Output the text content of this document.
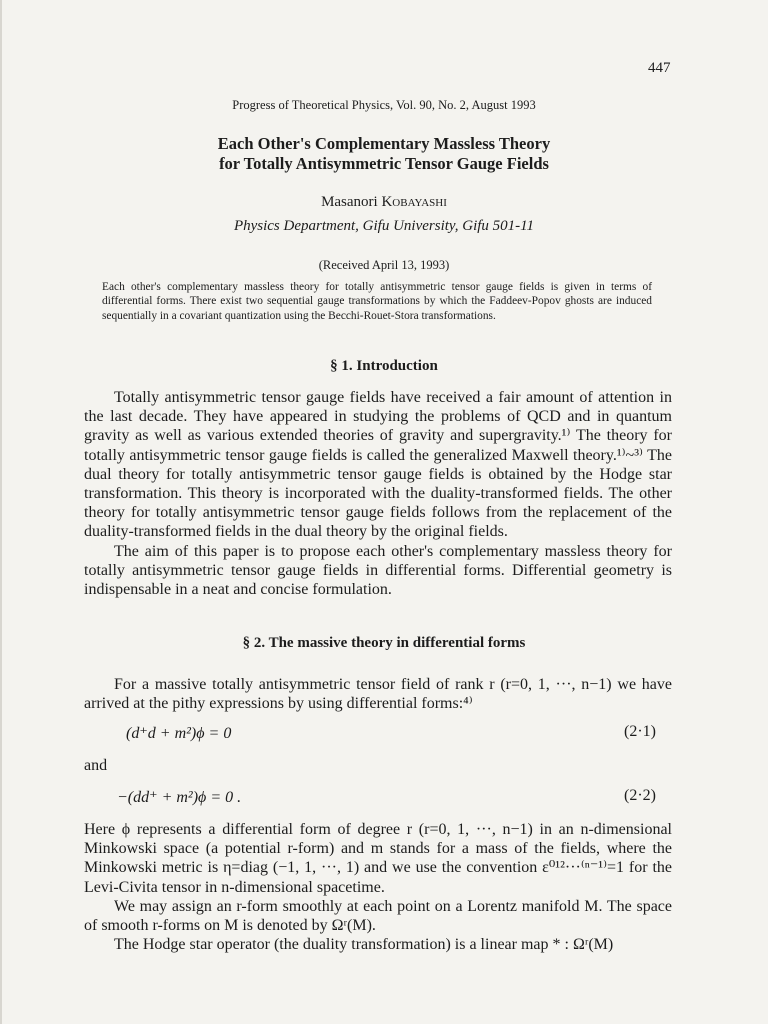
447
Progress of Theoretical Physics, Vol. 90, No. 2, August 1993
Each Other's Complementary Massless Theory
for Totally Antisymmetric Tensor Gauge Fields
Masanori Kobayashi
Physics Department, Gifu University, Gifu 501-11
(Received April 13, 1993)
Each other's complementary massless theory for totally antisymmetric tensor gauge fields is given in terms of differential forms. There exist two sequential gauge transformations by which the Faddeev-Popov ghosts are induced sequentially in a covariant quantization using the Becchi-Rouet-Stora transformations.
§ 1. Introduction

Totally antisymmetric tensor gauge fields have received a fair amount of attention in the last decade. They have appeared in studying the problems of QCD and in quantum gravity as well as various extended theories of gravity and supergravity.¹⁾ The theory for totally antisymmetric tensor gauge fields is called the generalized Maxwell theory.¹⁾~³⁾ The dual theory for totally antisymmetric tensor gauge fields is obtained by the Hodge star transformation. This theory is incorporated with the duality-transformed fields. The other theory for totally antisymmetric tensor gauge fields follows from the replacement of the duality-transformed fields in the dual theory by the original fields.

The aim of this paper is to propose each other's complementary massless theory for totally antisymmetric tensor gauge fields in differential forms. Differential geometry is indispensable in a neat and concise formulation.

§ 2. The massive theory in differential forms

For a massive totally antisymmetric tensor field of rank r (r=0, 1, ···, n−1) we have arrived at the pithy expressions by using differential forms:⁴⁾

(d⁺d + m²)ϕ = 0	(2·1)
and
−(dd⁺ + m²)ϕ = 0 .	(2·2)

Here ϕ represents a differential form of degree r (r=0, 1, ···, n−1) in an n-dimensional Minkowski space (a potential r-form) and m stands for a mass of the fields, where the Minkowski metric is η=diag (−1, 1, ···, 1) and we use the convention ε⁰¹²···⁽ⁿ⁻¹⁾=1 for the Levi-Civita tensor in n-dimensional spacetime.

We may assign an r-form smoothly at each point on a Lorentz manifold M. The space of smooth r-forms on M is denoted by Ωʳ(M).

The Hodge star operator (the duality transformation) is a linear map * : Ωʳ(M)
